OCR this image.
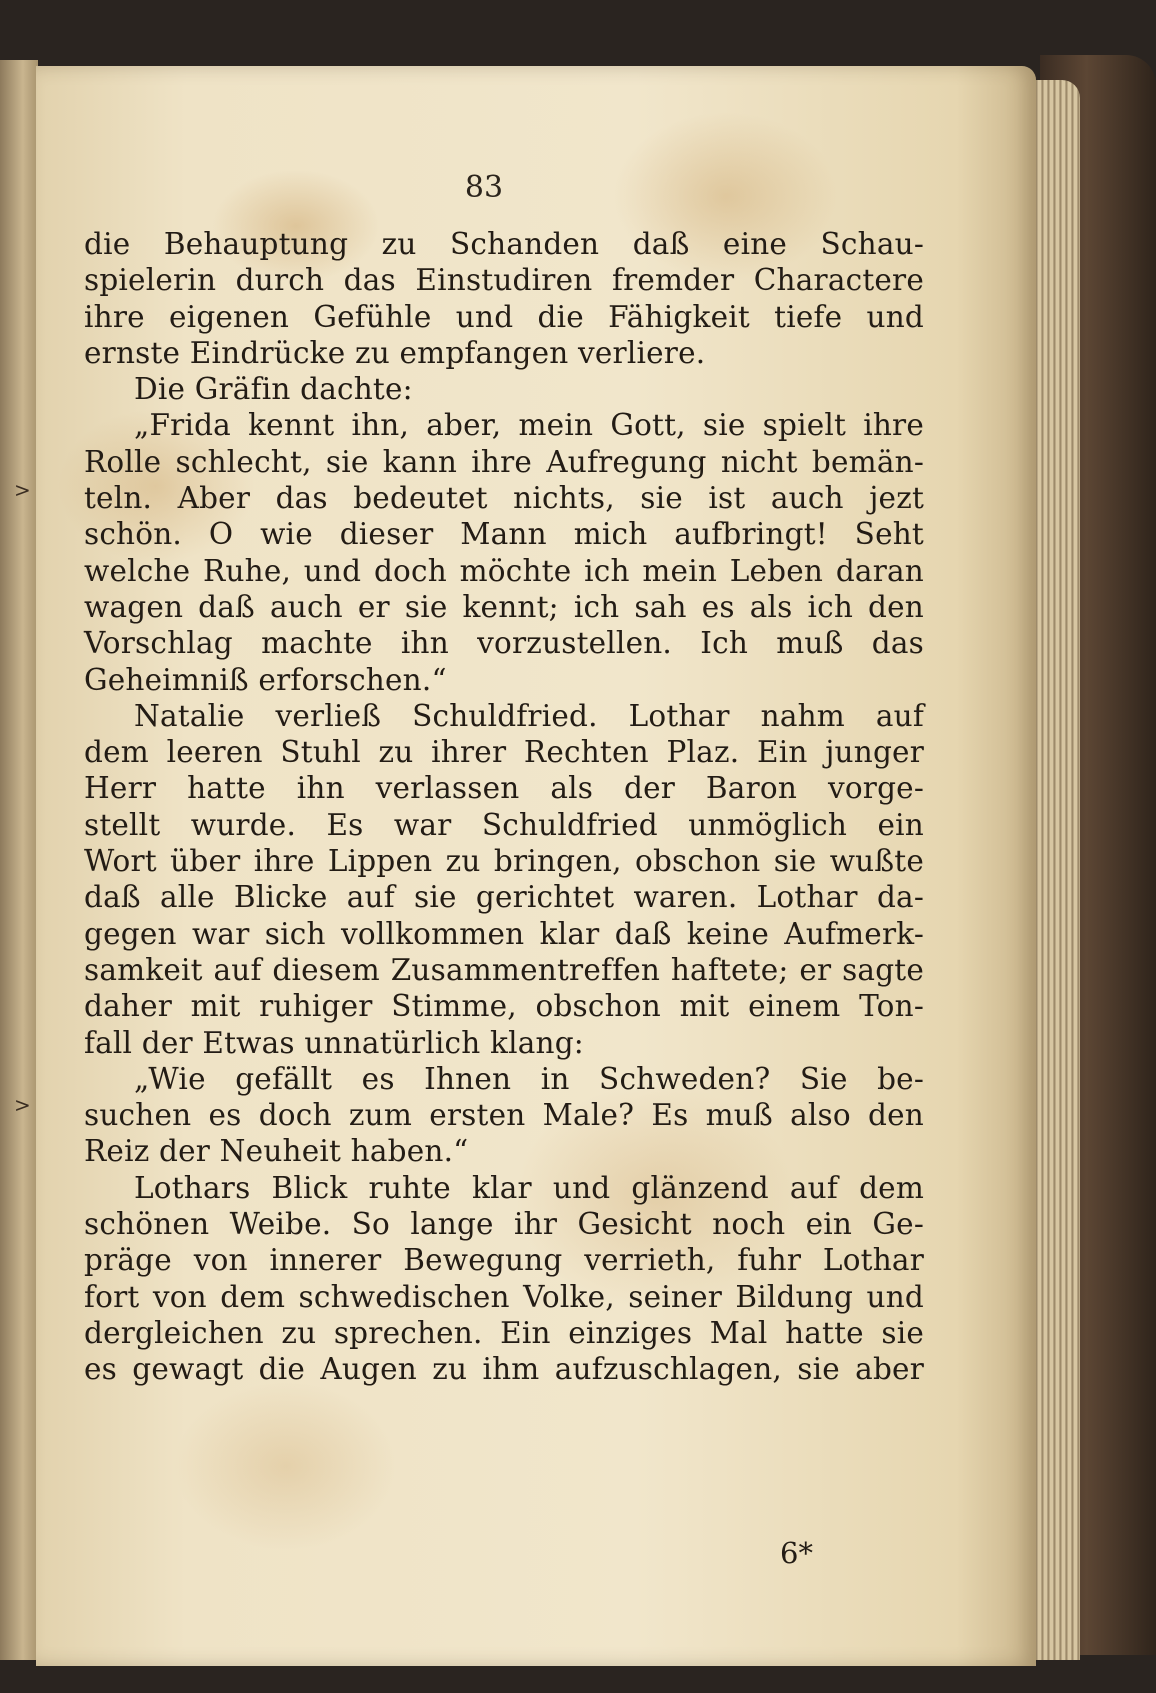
83
die Behauptung zu Schanden daß eine Schau-
spielerin durch das Einstudiren fremder Charactere
ihre eigenen Gefühle und die Fähigkeit tiefe und
ernste Eindrücke zu empfangen verliere.
Die Gräfin dachte:
„Frida kennt ihn, aber, mein Gott, sie spielt ihre
Rolle schlecht, sie kann ihre Aufregung nicht bemän-
teln. Aber das bedeutet nichts, sie ist auch jezt
schön. O wie dieser Mann mich aufbringt! Seht
welche Ruhe, und doch möchte ich mein Leben daran
wagen daß auch er sie kennt; ich sah es als ich den
Vorschlag machte ihn vorzustellen. Ich muß das
Geheimniß erforschen.“
Natalie verließ Schuldfried. Lothar nahm auf
dem leeren Stuhl zu ihrer Rechten Plaz. Ein junger
Herr hatte ihn verlassen als der Baron vorge-
stellt wurde. Es war Schuldfried unmöglich ein
Wort über ihre Lippen zu bringen, obschon sie wußte
daß alle Blicke auf sie gerichtet waren. Lothar da-
gegen war sich vollkommen klar daß keine Aufmerk-
samkeit auf diesem Zusammentreffen haftete; er sagte
daher mit ruhiger Stimme, obschon mit einem Ton-
fall der Etwas unnatürlich klang:
„Wie gefällt es Ihnen in Schweden? Sie be-
suchen es doch zum ersten Male? Es muß also den
Reiz der Neuheit haben.“
Lothars Blick ruhte klar und glänzend auf dem
schönen Weibe. So lange ihr Gesicht noch ein Ge-
präge von innerer Bewegung verrieth, fuhr Lothar
fort von dem schwedischen Volke, seiner Bildung und
dergleichen zu sprechen. Ein einziges Mal hatte sie
es gewagt die Augen zu ihm aufzuschlagen, sie aber
6*
>
>
